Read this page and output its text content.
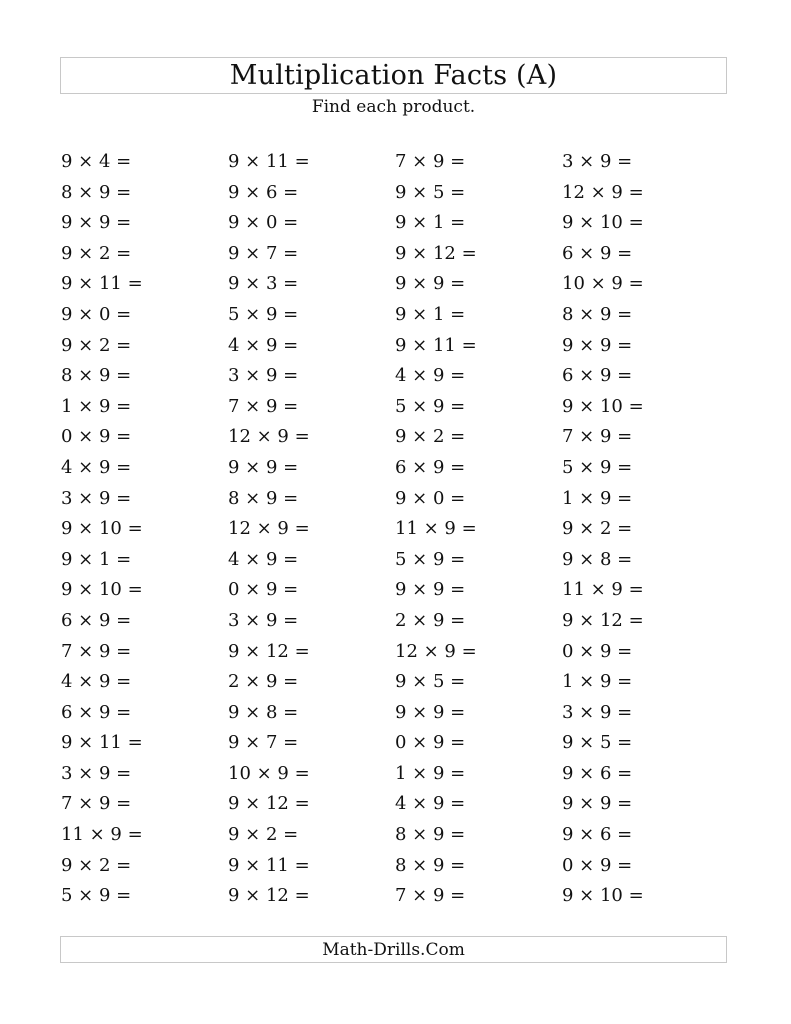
Multiplication Facts (A)
Find each product.
9 × 4 =	9 × 11 =	7 × 9 =	3 × 9 =
8 × 9 =	9 × 6 =	9 × 5 =	12 × 9 =
9 × 9 =	9 × 0 =	9 × 1 =	9 × 10 =
9 × 2 =	9 × 7 =	9 × 12 =	6 × 9 =
9 × 11 =	9 × 3 =	9 × 9 =	10 × 9 =
9 × 0 =	5 × 9 =	9 × 1 =	8 × 9 =
9 × 2 =	4 × 9 =	9 × 11 =	9 × 9 =
8 × 9 =	3 × 9 =	4 × 9 =	6 × 9 =
1 × 9 =	7 × 9 =	5 × 9 =	9 × 10 =
0 × 9 =	12 × 9 =	9 × 2 =	7 × 9 =
4 × 9 =	9 × 9 =	6 × 9 =	5 × 9 =
3 × 9 =	8 × 9 =	9 × 0 =	1 × 9 =
9 × 10 =	12 × 9 =	11 × 9 =	9 × 2 =
9 × 1 =	4 × 9 =	5 × 9 =	9 × 8 =
9 × 10 =	0 × 9 =	9 × 9 =	11 × 9 =
6 × 9 =	3 × 9 =	2 × 9 =	9 × 12 =
7 × 9 =	9 × 12 =	12 × 9 =	0 × 9 =
4 × 9 =	2 × 9 =	9 × 5 =	1 × 9 =
6 × 9 =	9 × 8 =	9 × 9 =	3 × 9 =
9 × 11 =	9 × 7 =	0 × 9 =	9 × 5 =
3 × 9 =	10 × 9 =	1 × 9 =	9 × 6 =
7 × 9 =	9 × 12 =	4 × 9 =	9 × 9 =
11 × 9 =	9 × 2 =	8 × 9 =	9 × 6 =
9 × 2 =	9 × 11 =	8 × 9 =	0 × 9 =
5 × 9 =	9 × 12 =	7 × 9 =	9 × 10 =
Math-Drills.Com
